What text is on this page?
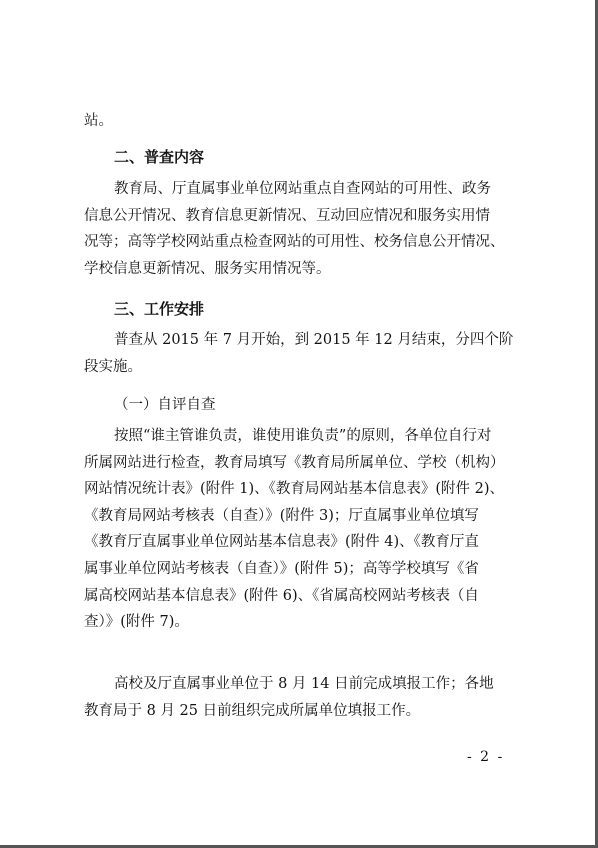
站。
二、普查内容
教育局、厅直属事业单位网站重点自查网站的可用性、政务
信息公开情况、教育信息更新情况、互动回应情况和服务实用情
况等；高等学校网站重点检查网站的可用性、校务信息公开情况、
学校信息更新情况、服务实用情况等。
三、工作安排
普查从 2015 年 7 月开始，到 2015 年 12 月结束，分四个阶
段实施。
（一）自评自查
按照“谁主管谁负责，谁使用谁负责”的原则，各单位自行对
所属网站进行检查，教育局填写《教育局所属单位、学校（机构）
网站情况统计表》(附件 1)、《教育局网站基本信息表》(附件 2)、
《教育局网站考核表（自查）》(附件 3)；厅直属事业单位填写
《教育厅直属事业单位网站基本信息表》(附件 4)、《教育厅直
属事业单位网站考核表（自查）》(附件 5)；高等学校填写《省
属高校网站基本信息表》(附件 6)、《省属高校网站考核表（自
查）》(附件 7)。
高校及厅直属事业单位于 8 月 14 日前完成填报工作；各地
教育局于 8 月 25 日前组织完成所属单位填报工作。
- 2 -
